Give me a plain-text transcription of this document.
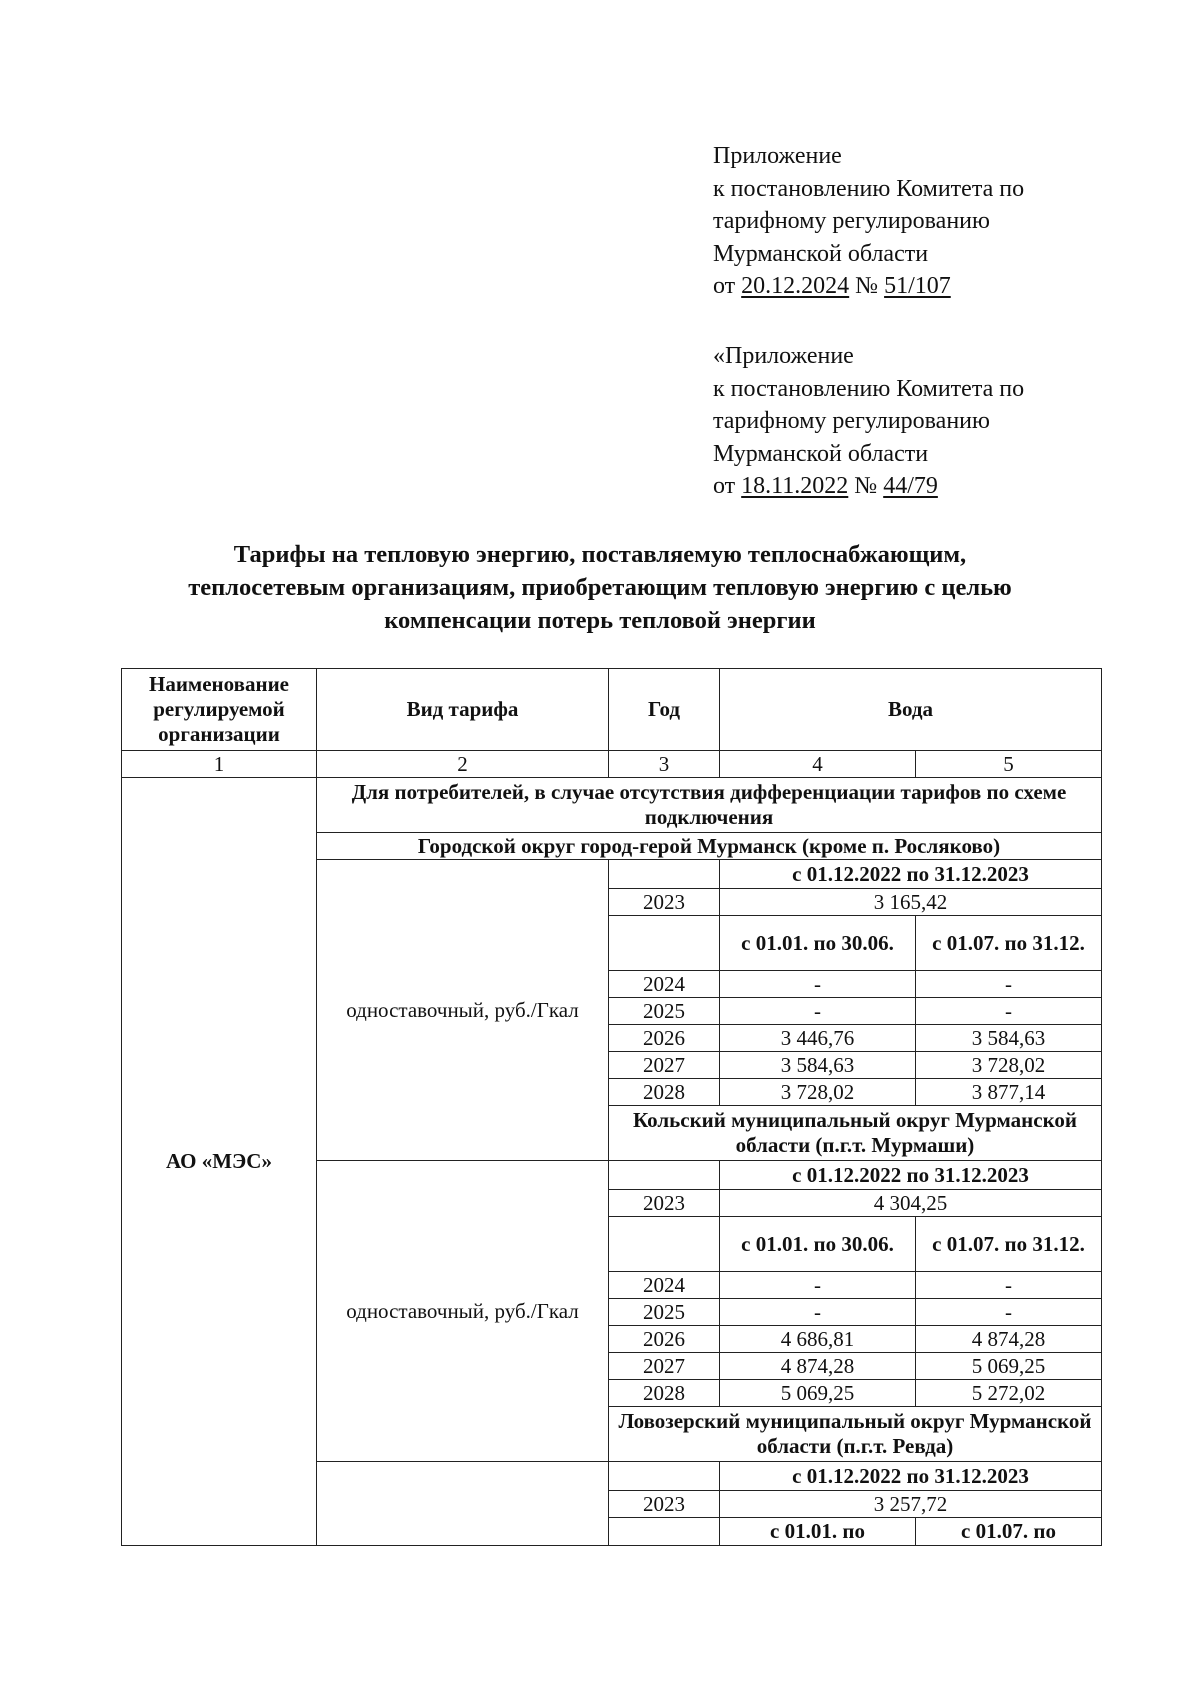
Приложение
к постановлению Комитета по
тарифному регулированию
Мурманской области
от 20.12.2024 № 51/107
«Приложение
к постановлению Комитета по
тарифному регулированию
Мурманской области
от 18.11.2022 № 44/79
Тарифы на тепловую энергию, поставляемую теплоснабжающим,
теплосетевым организациям, приобретающим тепловую энергию с целью
компенсации потерь тепловой энергии
Наименование регулируемой организации	Вид тарифа	Год	Вода	
1	2	3	4	5
АО «МЭС»	Для потребителей, в случае отсутствия дифференциации тарифов по схеме подключения			
	Городской округ город-герой Мурманск (кроме п. Росляково)			
	одноставочный, руб./Гкал		с 01.12.2022 по 31.12.2023	
		2023	3 165,42	
			с 01.01. по 30.06.	с 01.07. по 31.12.
		2024	-	-
		2025	-	-
		2026	3 446,76	3 584,63
		2027	3 584,63	3 728,02
		2028	3 728,02	3 877,14
		Кольский муниципальный округ Мурманской области (п.г.т. Мурмаши)		
	одноставочный, руб./Гкал		с 01.12.2022 по 31.12.2023	
		2023	4 304,25	
			с 01.01. по 30.06.	с 01.07. по 31.12.
		2024	-	-
		2025	-	-
		2026	4 686,81	4 874,28
		2027	4 874,28	5 069,25
		2028	5 069,25	5 272,02
		Ловозерский муниципальный округ Мурманской области (п.г.т. Ревда)		
			с 01.12.2022 по 31.12.2023	
		2023	3 257,72	
			с 01.01. по	с 01.07. по
